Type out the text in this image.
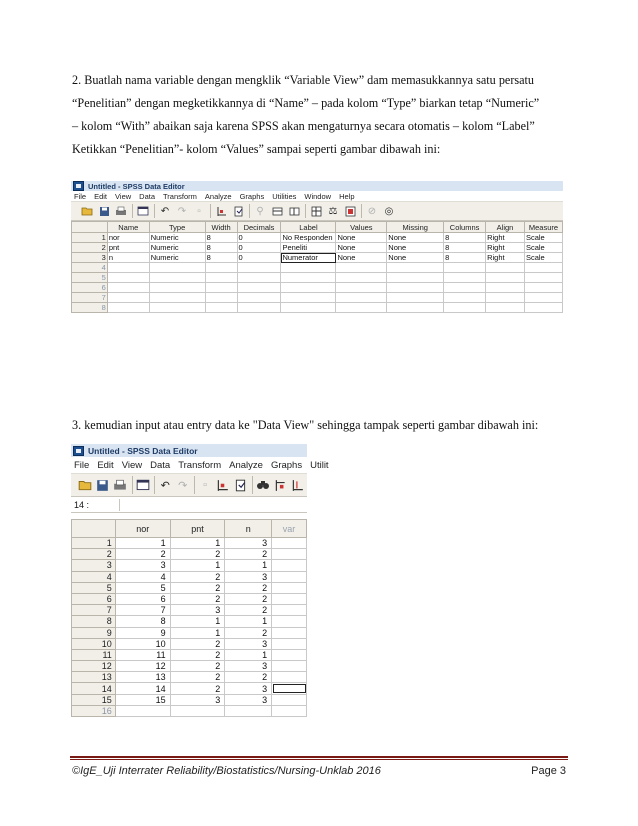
2. Buatlah nama variable dengan mengklik “Variable View” dam memasukkannya satu persatu
“Penelitian” dengan megketikkannya di “Name” – pada kolom “Type” biarkan tetap “Numeric”
– kolom “With” abaikan saja karena SPSS akan mengaturnya secara otomatis – kolom “Label”
Ketikkan “Penelitian”- kolom “Values” sampai seperti gambar dibawah ini:
Untitled - SPSS Data Editor
File Edit View Data Transform Analyze Graphs Utilities Window Help
↶ ↷	▫	⚲	⚖	⊘ ◎
	Name	Type	Width	Decimals	Label	Values	Missing	Columns	Align	Measure
1	nor	Numeric	8	0	No Responden	None	None	8	Right	Scale
2	pnt	Numeric	8	0	Peneliti	None	None	8	Right	Scale
3	n	Numeric	8	0	Numerator	None	None	8	Right	Scale
4										
5										
6										
7										
8										
3. kemudian input atau entry data ke "Data View" sehingga tampak seperti gambar dibawah ini:
Untitled - SPSS Data Editor
File Edit View Data Transform Analyze Graphs Utilit
↶ ↷	▫
14 :
	nor	pnt	n	var
1	1	1	3	
2	2	2	2	
3	3	1	1	
4	4	2	3	
5	5	2	2	
6	6	2	2	
7	7	3	2	
8	8	1	1	
9	9	1	2	
10	10	2	3	
11	11	2	1	
12	12	2	3	
13	13	2	2	
14	14	2	3	
15	15	3	3	
16				
©IgE_Uji Interrater Reliability/Biostatistics/Nursing-Unklab 2016	Page 3
